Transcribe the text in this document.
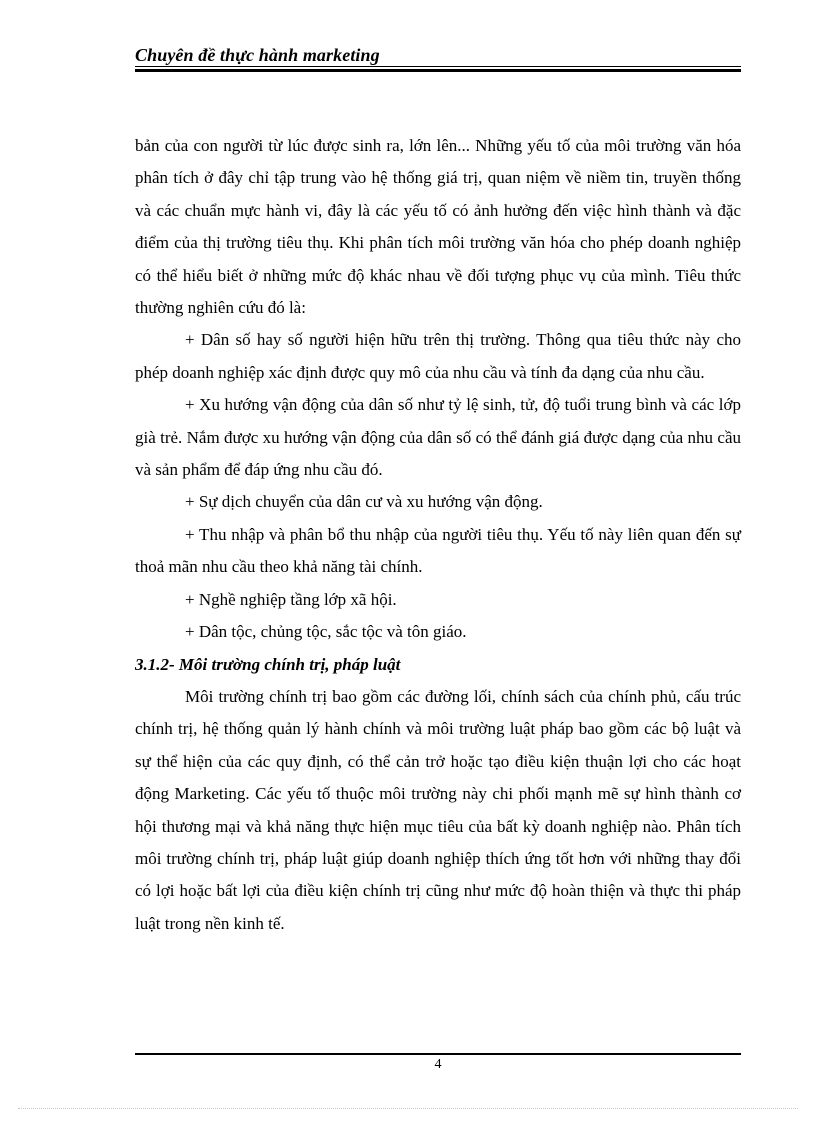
Chuyên đề thực hành marketing

bản của con người từ lúc được sinh ra, lớn lên... Những yếu tố của môi trường văn hóa phân tích ở đây chỉ tập trung vào hệ thống giá trị, quan niệm về niềm tin, truyền thống và các chuẩn mực hành vi, đây là các yếu tố có ảnh hưởng đến việc hình thành và đặc điểm của thị trường tiêu thụ. Khi phân tích môi trường văn hóa cho phép doanh nghiệp có thể hiểu biết ở những mức độ khác nhau về đối tượng phục vụ của mình. Tiêu thức thường nghiên cứu đó là:

+ Dân số hay số người hiện hữu trên thị trường. Thông qua tiêu thức này cho phép doanh nghiệp xác định được quy mô của nhu cầu và tính đa dạng của nhu cầu.

+ Xu hướng vận động của dân số như tỷ lệ sinh, tử, độ tuổi trung bình và các lớp già trẻ. Nắm được xu hướng vận động của dân số có thể đánh giá được dạng của nhu cầu và sản phẩm để đáp ứng nhu cầu đó.

+ Sự dịch chuyển của dân cư và xu hướng vận động.

+ Thu nhập và phân bổ thu nhập của người tiêu thụ. Yếu tố này liên quan đến sự thoả mãn nhu cầu theo khả năng tài chính.

+ Nghề nghiệp tầng lớp xã hội.

+ Dân tộc, chủng tộc, sắc tộc và tôn giáo.

3.1.2- Môi trường chính trị, pháp luật

Môi trường chính trị bao gồm các đường lối, chính sách của chính phủ, cấu trúc chính trị, hệ thống quản lý hành chính và môi trường luật pháp bao gồm các bộ luật và sự thể hiện của các quy định, có thể cản trở hoặc tạo điều kiện thuận lợi cho các hoạt động Marketing. Các yếu tố thuộc môi trường này chi phối mạnh mẽ sự hình thành cơ hội thương mại và khả năng thực hiện mục tiêu của bất kỳ doanh nghiệp nào. Phân tích môi trường chính trị, pháp luật giúp doanh nghiệp thích ứng tốt hơn với những thay đổi có lợi hoặc bất lợi của điều kiện chính trị cũng như mức độ hoàn thiện và thực thi pháp luật trong nền kinh tế.

4
